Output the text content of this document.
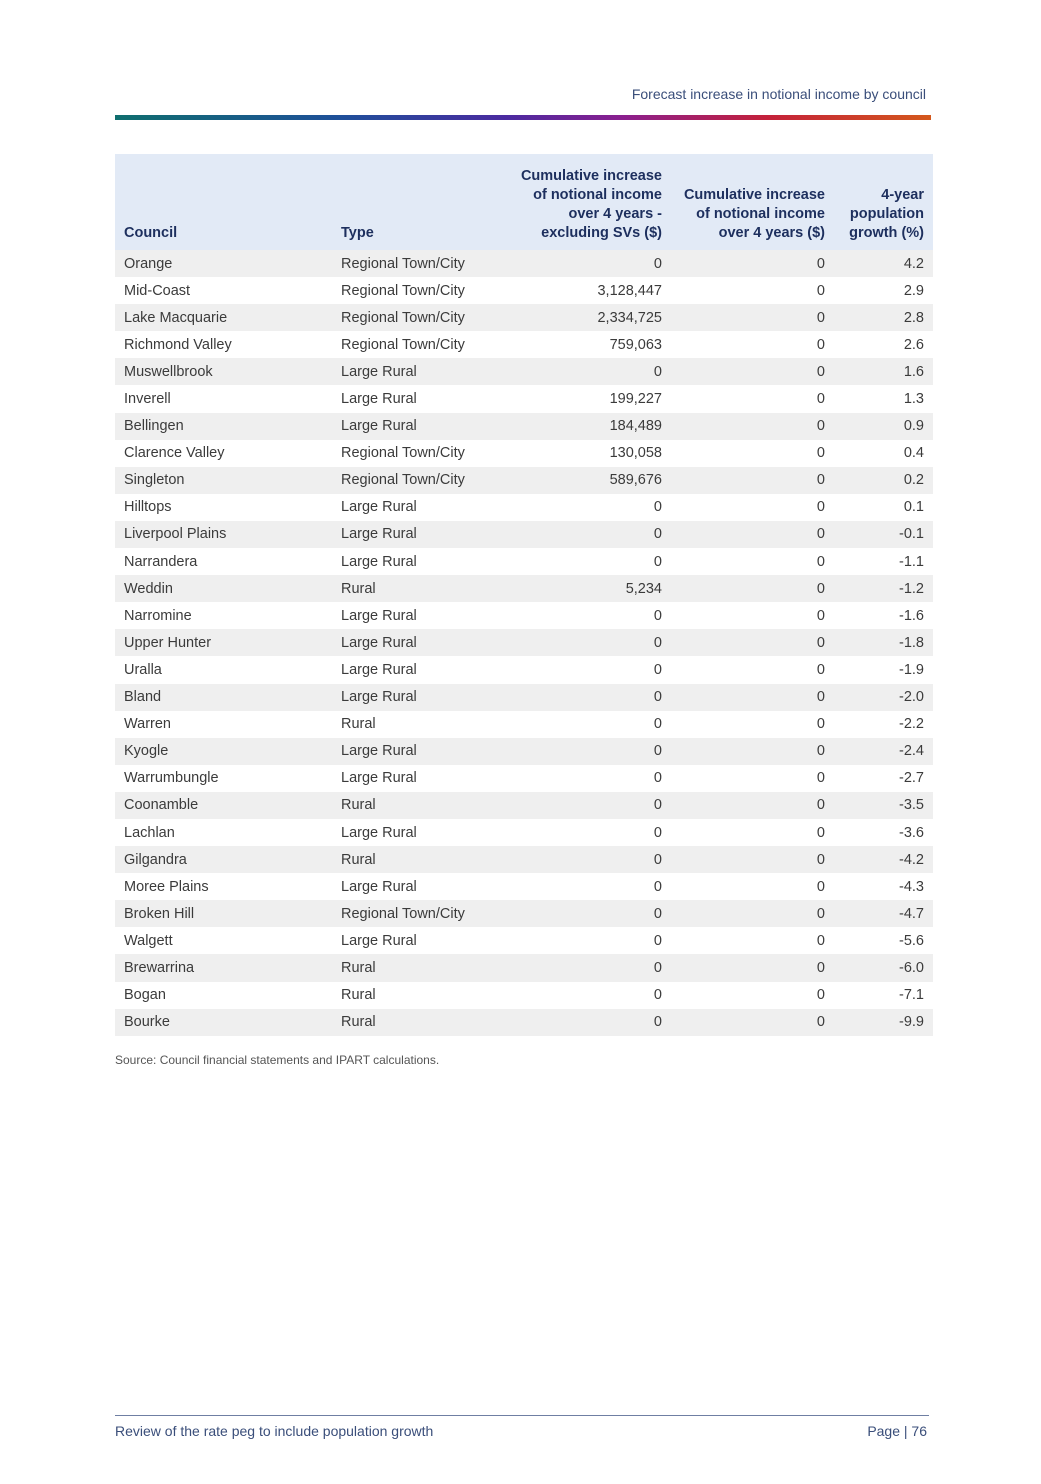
Forecast increase in notional income by council
Council	Type	Cumulative increase of notional income over 4 years - excluding SVs ($)	Cumulative increase of notional income over 4 years ($)	4-year population growth (%)
Orange	Regional Town/City	0	0	4.2
Mid-Coast	Regional Town/City	3,128,447	0	2.9
Lake Macquarie	Regional Town/City	2,334,725	0	2.8
Richmond Valley	Regional Town/City	759,063	0	2.6
Muswellbrook	Large Rural	0	0	1.6
Inverell	Large Rural	199,227	0	1.3
Bellingen	Large Rural	184,489	0	0.9
Clarence Valley	Regional Town/City	130,058	0	0.4
Singleton	Regional Town/City	589,676	0	0.2
Hilltops	Large Rural	0	0	0.1
Liverpool Plains	Large Rural	0	0	-0.1
Narrandera	Large Rural	0	0	-1.1
Weddin	Rural	5,234	0	-1.2
Narromine	Large Rural	0	0	-1.6
Upper Hunter	Large Rural	0	0	-1.8
Uralla	Large Rural	0	0	-1.9
Bland	Large Rural	0	0	-2.0
Warren	Rural	0	0	-2.2
Kyogle	Large Rural	0	0	-2.4
Warrumbungle	Large Rural	0	0	-2.7
Coonamble	Rural	0	0	-3.5
Lachlan	Large Rural	0	0	-3.6
Gilgandra	Rural	0	0	-4.2
Moree Plains	Large Rural	0	0	-4.3
Broken Hill	Regional Town/City	0	0	-4.7
Walgett	Large Rural	0	0	-5.6
Brewarrina	Rural	0	0	-6.0
Bogan	Rural	0	0	-7.1
Bourke	Rural	0	0	-9.9
Source: Council financial statements and IPART calculations.
Review of the rate peg to include population growth	Page | 76
